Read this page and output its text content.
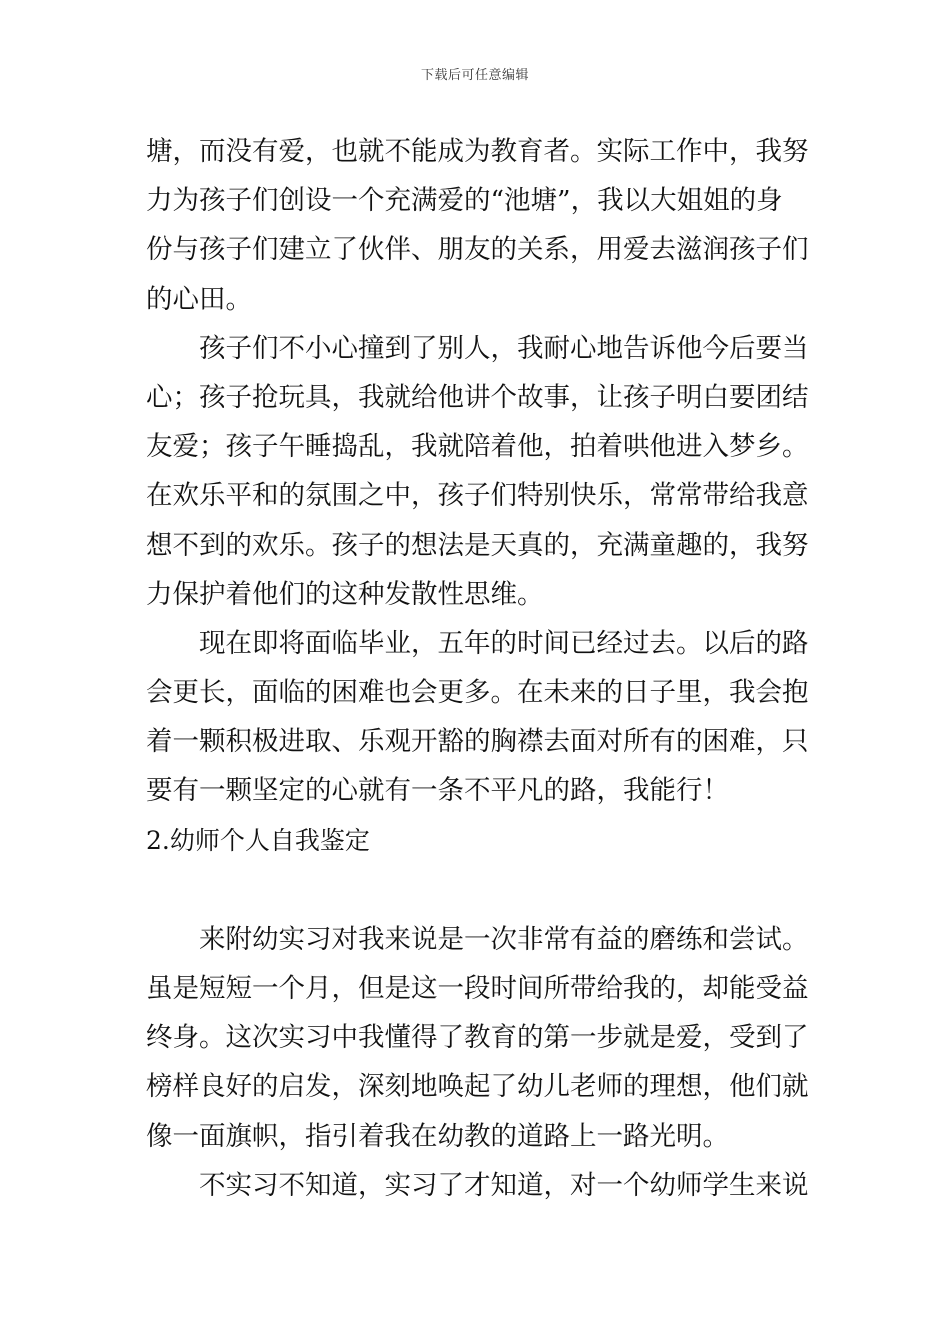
下载后可任意编辑
塘，而没有爱，也就不能成为教育者。实际工作中，我努
力为孩子们创设一个充满爱的“池塘”，我以大姐姐的身
份与孩子们建立了伙伴、朋友的关系，用爱去滋润孩子们
的心田。
孩子们不小心撞到了别人，我耐心地告诉他今后要当
心；孩子抢玩具，我就给他讲个故事，让孩子明白要团结
友爱；孩子午睡捣乱，我就陪着他，拍着哄他进入梦乡。
在欢乐平和的氛围之中，孩子们特别快乐，常常带给我意
想不到的欢乐。孩子的想法是天真的，充满童趣的，我努
力保护着他们的这种发散性思维。
现在即将面临毕业，五年的时间已经过去。以后的路
会更长，面临的困难也会更多。在未来的日子里，我会抱
着一颗积极进取、乐观开豁的胸襟去面对所有的困难，只
要有一颗坚定的心就有一条不平凡的路，我能行！
2.幼师个人自我鉴定
来附幼实习对我来说是一次非常有益的磨练和尝试。
虽是短短一个月，但是这一段时间所带给我的，却能受益
终身。这次实习中我懂得了教育的第一步就是爱，受到了
榜样良好的启发，深刻地唤起了幼儿老师的理想，他们就
像一面旗帜，指引着我在幼教的道路上一路光明。
不实习不知道，实习了才知道，对一个幼师学生来说
